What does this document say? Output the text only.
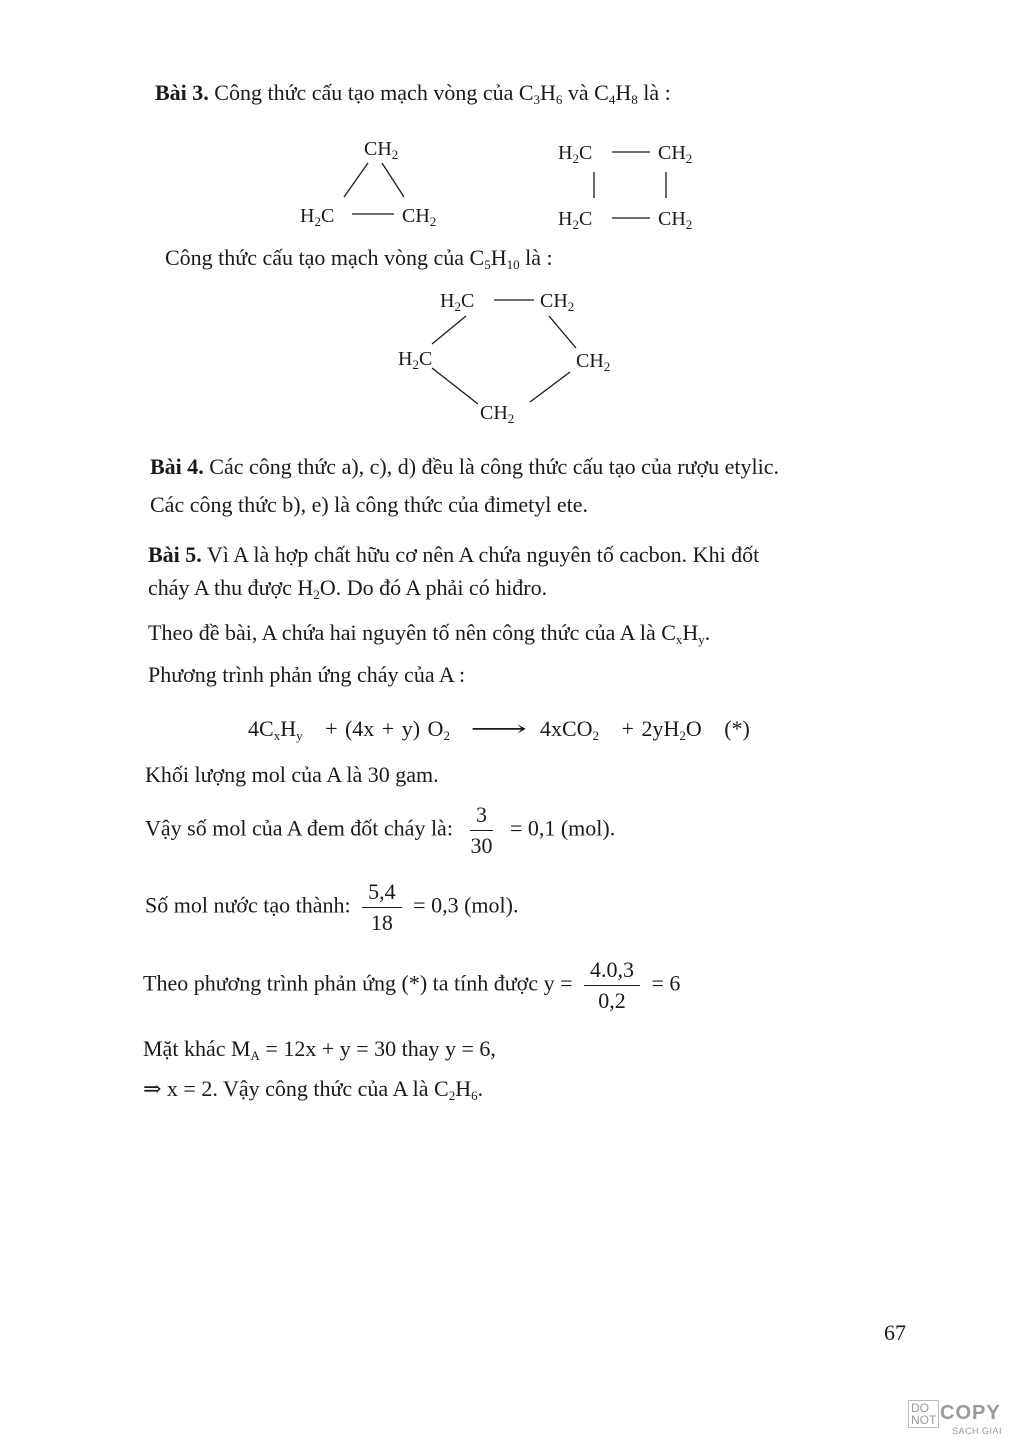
Bài 3. Công thức cấu tạo mạch vòng của $C_3H_6$ và $C_4H_8$ là :
$CH_2$
$H_2C$	$CH_2$
$H_2C$	$CH_2$
$H_2C$	$CH_2$
Công thức cấu tạo mạch vòng của $C_5H_{10}$ là :
$H_2C$	$CH_2$
$H_2C$	$CH_2$
$CH_2$
Bài 4. Các công thức a), c), d) đều là công thức cấu tạo của rượu etylic.
Các công thức b), e) là công thức của đimetyl ete.
Bài 5. Vì A là hợp chất hữu cơ nên A chứa nguyên tố cacbon. Khi đốt
cháy A thu được $H_2O$. Do đó A phải có hiđro.
Theo đề bài, A chứa hai nguyên tố nên công thức của A là $C_xH_y$.
Phương trình phản ứng cháy của A :
$4C_xH_y + (4x + y)$ $O_2$ ⟶ $4xCO_2 + 2yH_2O$ (*)
Khối lượng mol của A là 30 gam.
Vậy số mol của A đem đốt cháy là: $\frac{3}{30} = 0,1$ (mol).
Số mol nước tạo thành: $\frac{5,4}{18} = 0,3$ (mol).
Theo phương trình phản ứng (*) ta tính được $y = \frac{4.0,3}{0,2} = 6$
Mặt khác $M_A = 12x + y = 30$ thay y = 6,
⇒ x = 2. Vậy công thức của A là $C_2H_6$.
67
DO
NOT COPY
SACH GIAI
